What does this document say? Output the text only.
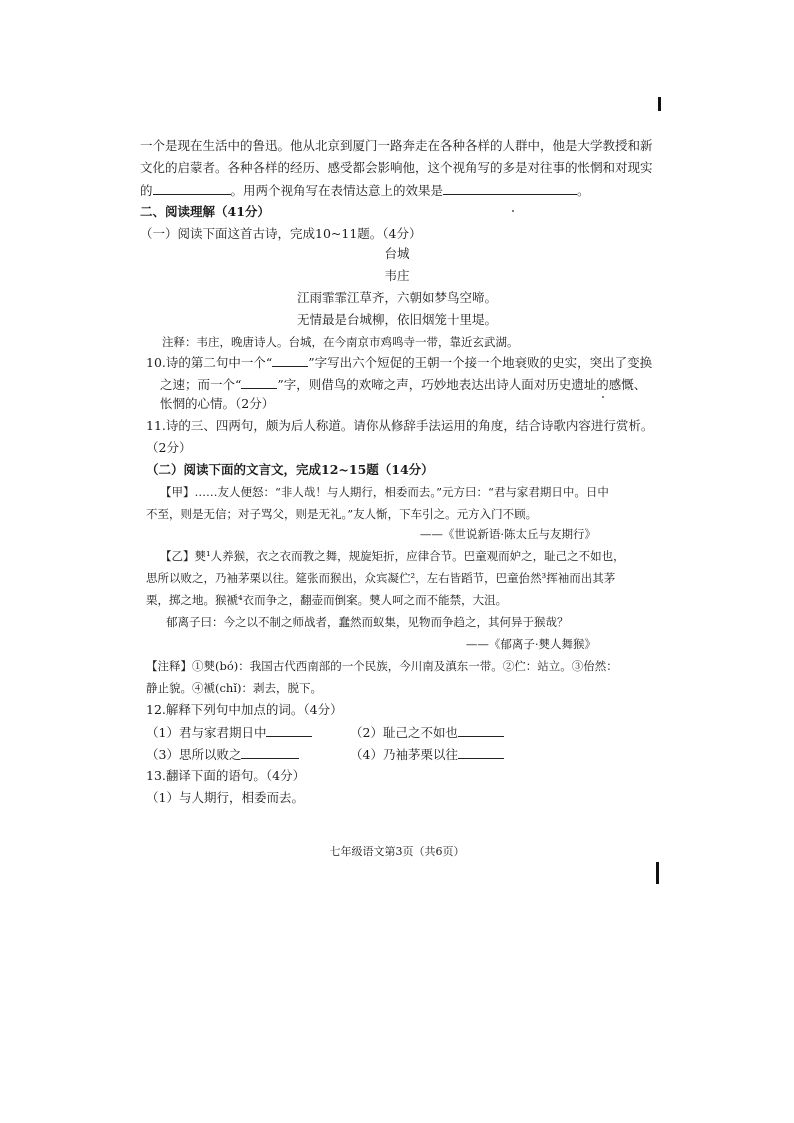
一个是现在生活中的鲁迅。他从北京到厦门一路奔走在各种各样的人群中，他是大学教授和新
文化的启蒙者。各种各样的经历、感受都会影响他，这个视角写的多是对往事的怅惘和对现实
的	。用两个视角写在表情达意上的效果是	。
二、阅读理解（41分）
（一）阅读下面这首古诗，完成10~11题。（4分）
台城
韦庄
江雨霏霏江草齐，六朝如梦鸟空啼。
无情最是台城柳，依旧烟笼十里堤。
注释：韦庄，晚唐诗人。台城，在今南京市鸡鸣寺一带，靠近玄武湖。
10.诗的第二句中一个“	”字写出六个短促的王朝一个接一个地衰败的史实，突出了变换
之速；而一个“	”字，则借鸟的欢啼之声，巧妙地表达出诗人面对历史遗址的感慨、
怅惘的心情。（2分）
11.诗的三、四两句，颇为后人称道。请你从修辞手法运用的角度，结合诗歌内容进行赏析。
（2分）
（二）阅读下面的文言文，完成12~15题（14分）
【甲】……友人便怒：“非人哉！与人期行，相委而去。”元方曰：“君与家君期日中。日中
不至，则是无信；对子骂父，则是无礼。”友人惭，下车引之。元方入门不顾。
——《世说新语·陈太丘与友期行》
【乙】僰¹人养猴，衣之衣而教之舞，规旋矩折，应律合节。巴童观而妒之，耻己之不如也，
思所以败之，乃袖茅栗以往。筵张而猴出，众宾凝伫²，左右皆蹈节，巴童佁然³挥袖而出其茅
栗，掷之地。猴褫⁴衣而争之，翻壶而倒案。僰人呵之而不能禁，大沮。
郁离子曰：今之以不制之师战者，蠢然而蚁集，见物而争趋之，其何异于猴哉？
——《郁离子·僰人舞猴》
【注释】①僰(bó)：我国古代西南部的一个民族，今川南及滇东一带。②伫：站立。③佁然：
静止貌。④褫(chǐ)：剥去，脱下。
12.解释下列句中加点的词。（4分）
（1）君与家君期日中	（2）耻己之不如也
（3）思所以败之	（4）乃袖茅栗以往
13.翻译下面的语句。（4分）
（1）与人期行，相委而去。
七年级语文第3页（共6页）
